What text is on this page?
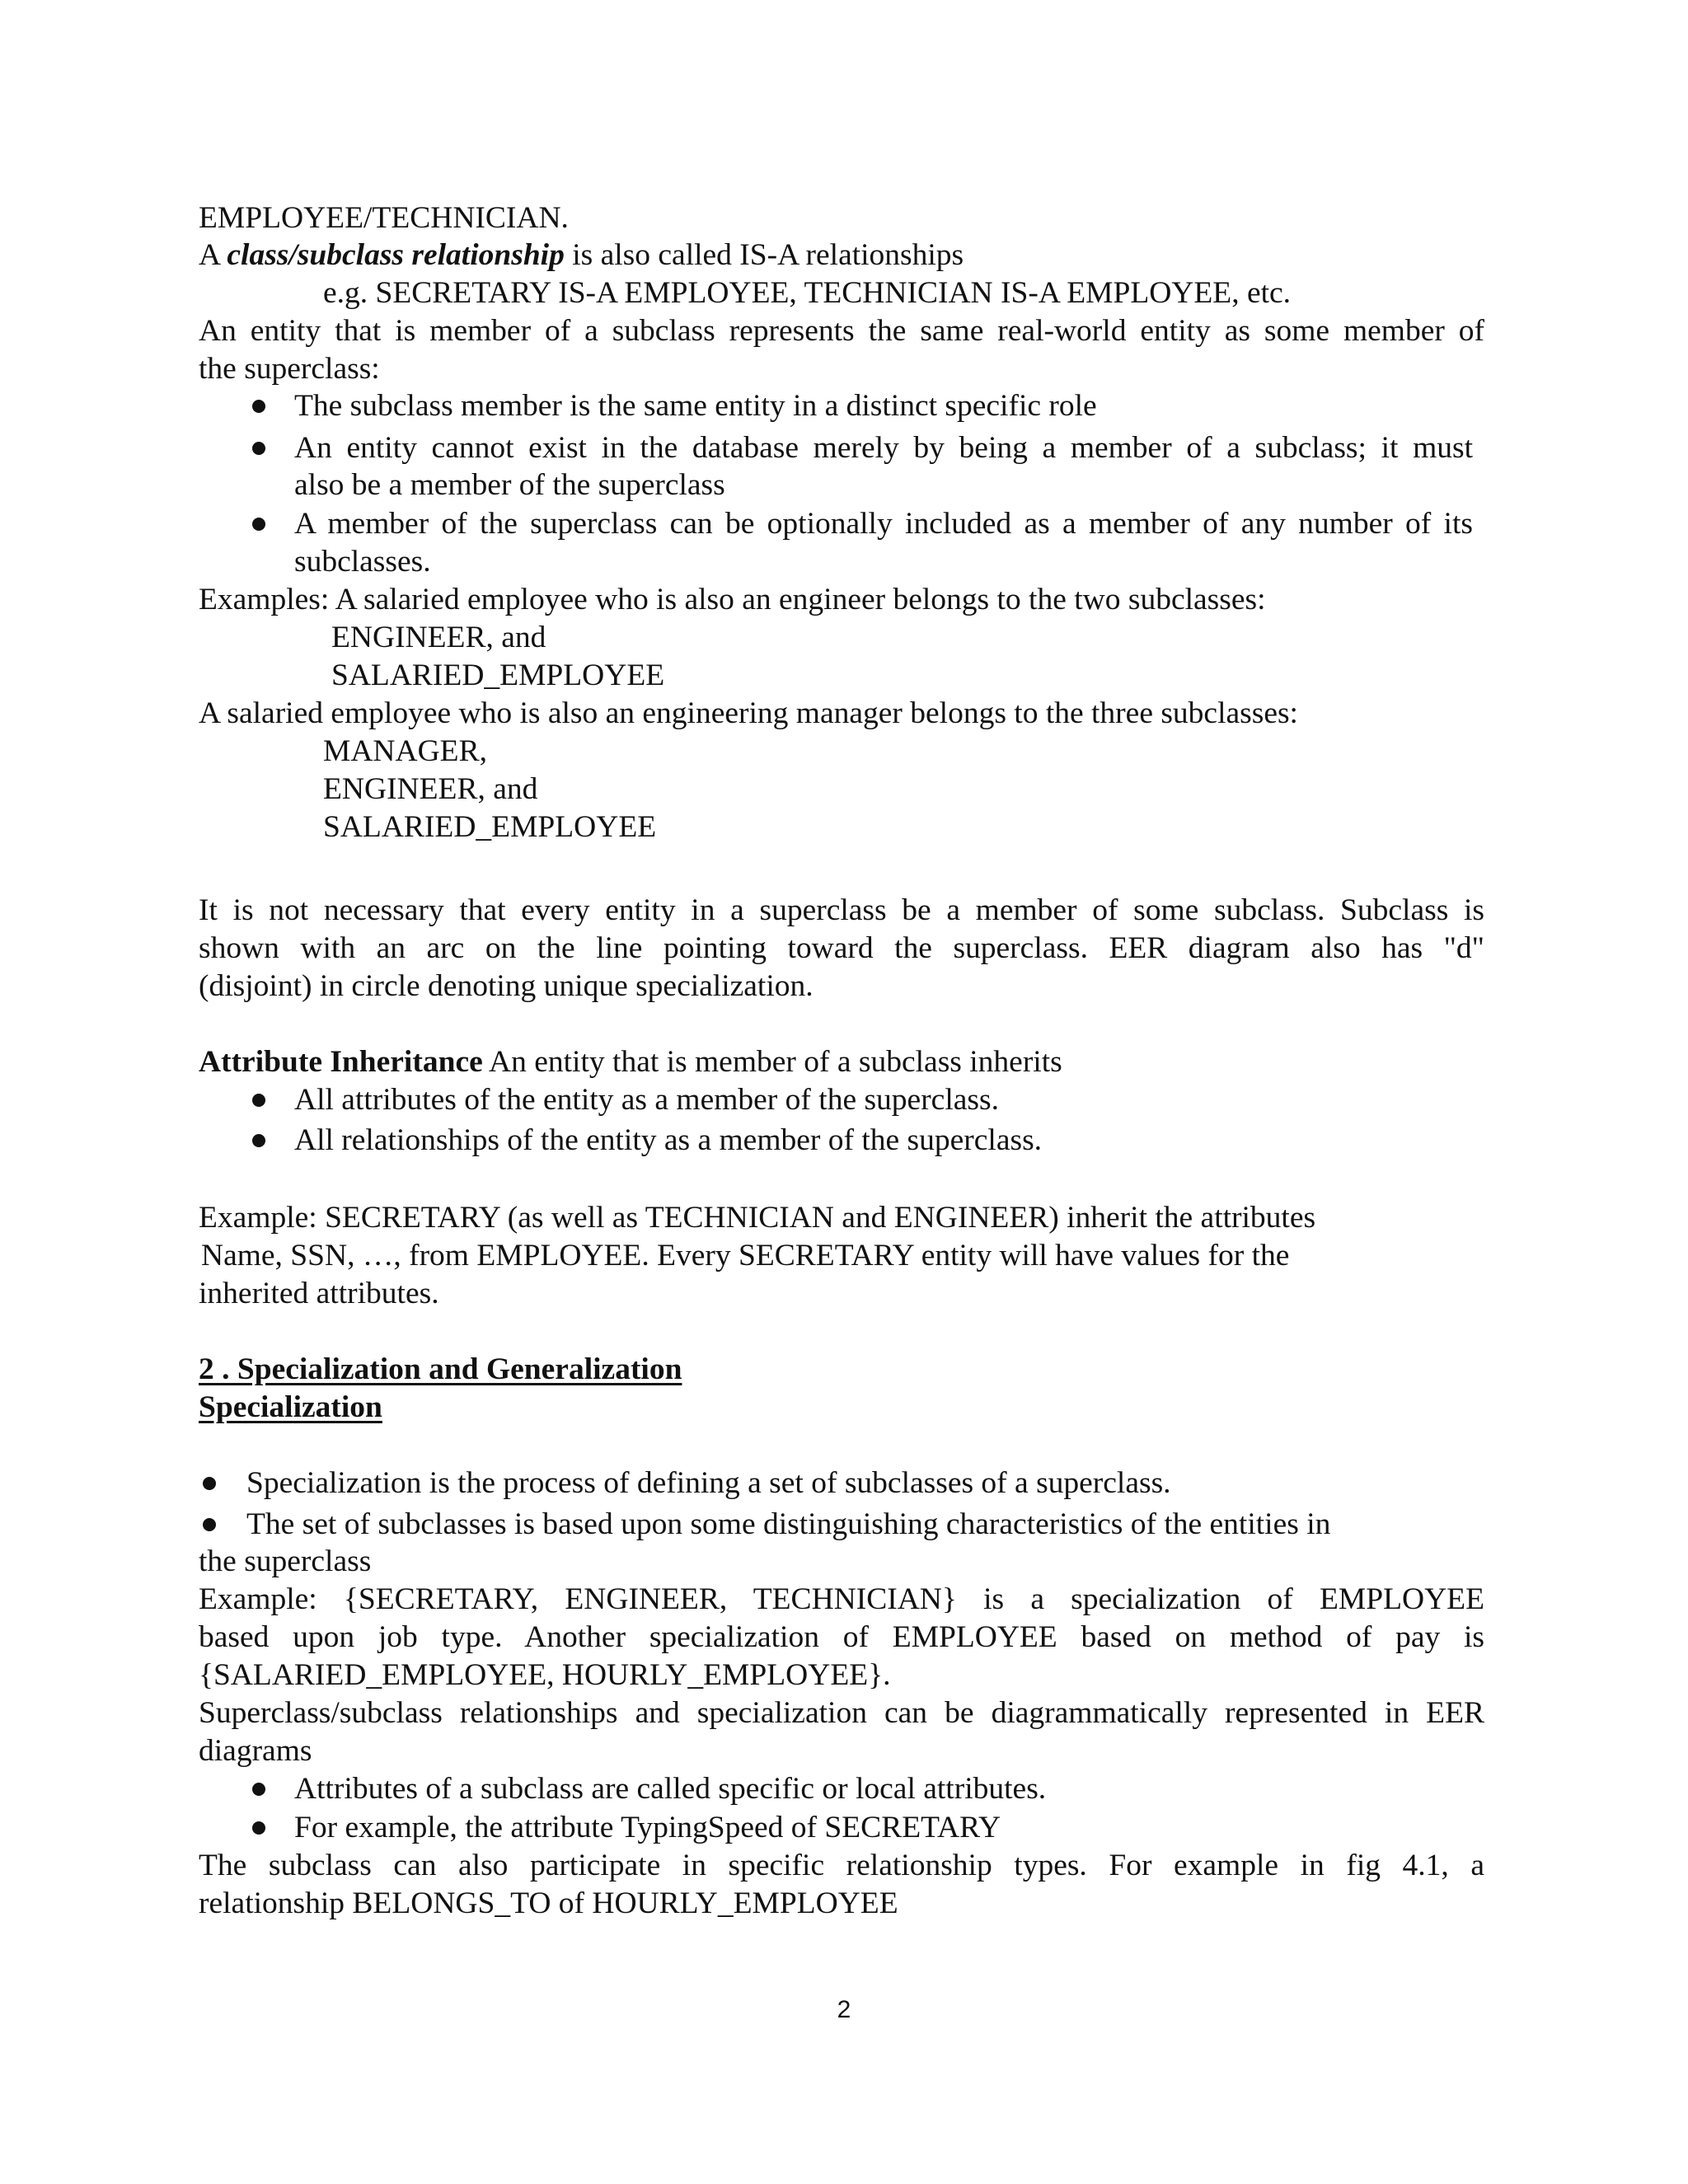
EMPLOYEE/TECHNICIAN.
A class/subclass relationship is also called IS-A relationships
e.g. SECRETARY IS-A EMPLOYEE, TECHNICIAN IS-A EMPLOYEE, etc.
An entity that is member of a subclass represents the same real-world entity as some member of
the superclass:
The subclass member is the same entity in a distinct specific role
An entity cannot exist in the database merely by being a member of a subclass; it must
also be a member of the superclass
A member of the superclass can be optionally included as a member of any number of its
subclasses.
Examples: A salaried employee who is also an engineer belongs to the two subclasses:
ENGINEER, and
SALARIED_EMPLOYEE
A salaried employee who is also an engineering manager belongs to the three subclasses:
MANAGER,
ENGINEER, and
SALARIED_EMPLOYEE
It is not necessary that every entity in a superclass be a member of some subclass. Subclass is
shown with an arc on the line pointing toward the superclass. EER diagram also has "d"
(disjoint) in circle denoting unique specialization.
Attribute Inheritance An entity that is member of a subclass inherits
All attributes of the entity as a member of the superclass.
All relationships of the entity as a member of the superclass.
Example: SECRETARY (as well as TECHNICIAN and ENGINEER) inherit the attributes
Name, SSN, …, from EMPLOYEE. Every SECRETARY entity will have values for the
inherited attributes.
2 . Specialization and Generalization
Specialization
Specialization is the process of defining a set of subclasses of a superclass.
The set of subclasses is based upon some distinguishing characteristics of the entities in
the superclass
Example: {SECRETARY, ENGINEER, TECHNICIAN} is a specialization of EMPLOYEE
based upon job type. Another specialization of EMPLOYEE based on method of pay is
{SALARIED_EMPLOYEE, HOURLY_EMPLOYEE}.
Superclass/subclass relationships and specialization can be diagrammatically represented in EER
diagrams
Attributes of a subclass are called specific or local attributes.
For example, the attribute TypingSpeed of SECRETARY
The subclass can also participate in specific relationship types. For example in fig 4.1, a
relationship BELONGS_TO of HOURLY_EMPLOYEE
2
